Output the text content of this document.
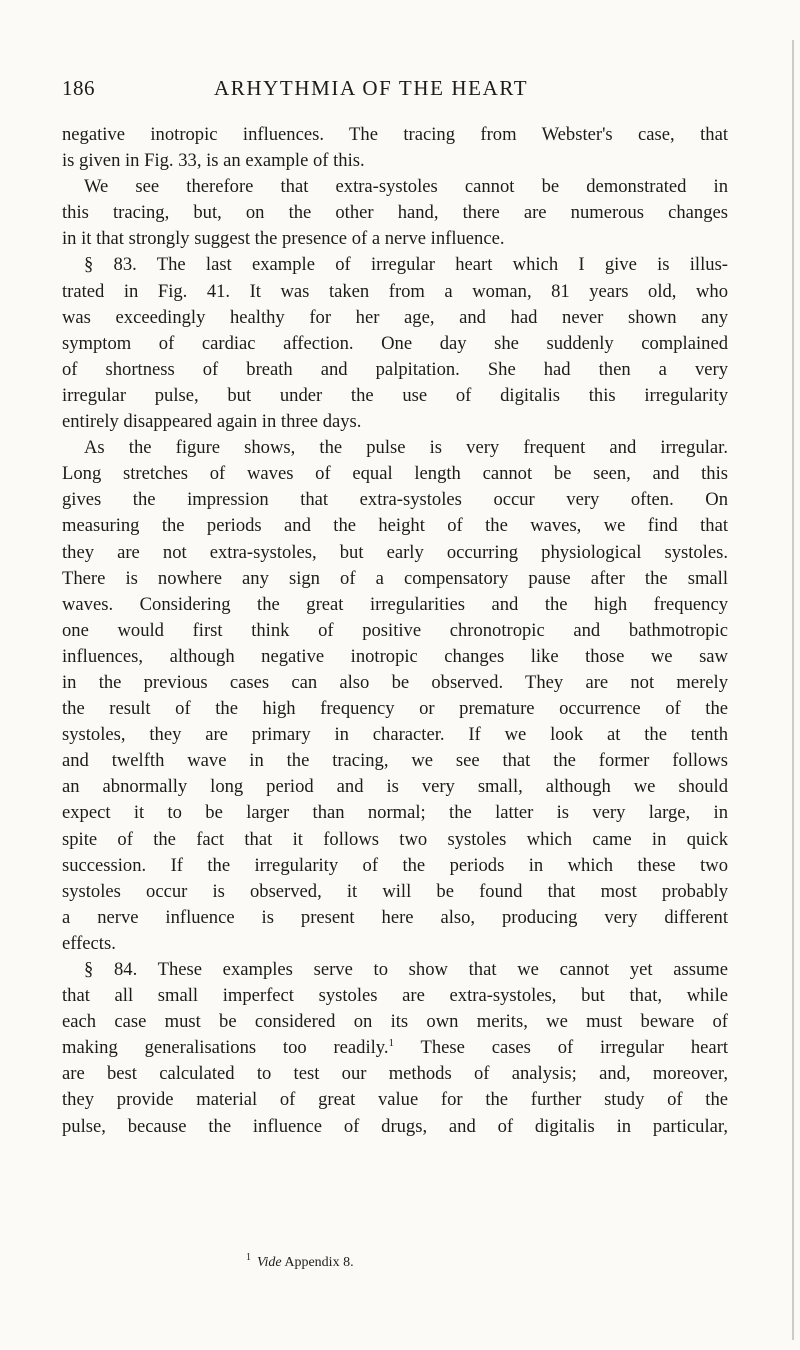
186	ARHYTHMIA OF THE HEART
negative inotropic influences. The tracing from Webster's case, that
is given in Fig. 33, is an example of this.
We see therefore that extra-systoles cannot be demonstrated in
this tracing, but, on the other hand, there are numerous changes
in it that strongly suggest the presence of a nerve influence.
§ 83. The last example of irregular heart which I give is illus-
trated in Fig. 41. It was taken from a woman, 81 years old, who
was exceedingly healthy for her age, and had never shown any
symptom of cardiac affection. One day she suddenly complained
of shortness of breath and palpitation. She had then a very
irregular pulse, but under the use of digitalis this irregularity
entirely disappeared again in three days.
As the figure shows, the pulse is very frequent and irregular.
Long stretches of waves of equal length cannot be seen, and this
gives the impression that extra-systoles occur very often. On
measuring the periods and the height of the waves, we find that
they are not extra-systoles, but early occurring physiological systoles.
There is nowhere any sign of a compensatory pause after the small
waves. Considering the great irregularities and the high frequency
one would first think of positive chronotropic and bathmotropic
influences, although negative inotropic changes like those we saw
in the previous cases can also be observed. They are not merely
the result of the high frequency or premature occurrence of the
systoles, they are primary in character. If we look at the tenth
and twelfth wave in the tracing, we see that the former follows
an abnormally long period and is very small, although we should
expect it to be larger than normal; the latter is very large, in
spite of the fact that it follows two systoles which came in quick
succession. If the irregularity of the periods in which these two
systoles occur is observed, it will be found that most probably
a nerve influence is present here also, producing very different
effects.
§ 84. These examples serve to show that we cannot yet assume
that all small imperfect systoles are extra-systoles, but that, while
each case must be considered on its own merits, we must beware of
making generalisations too readily.$^1$ These cases of irregular heart
are best calculated to test our methods of analysis; and, moreover,
they provide material of great value for the further study of the
pulse, because the influence of drugs, and of digitalis in particular,
$^1$ Vide Appendix 8.
